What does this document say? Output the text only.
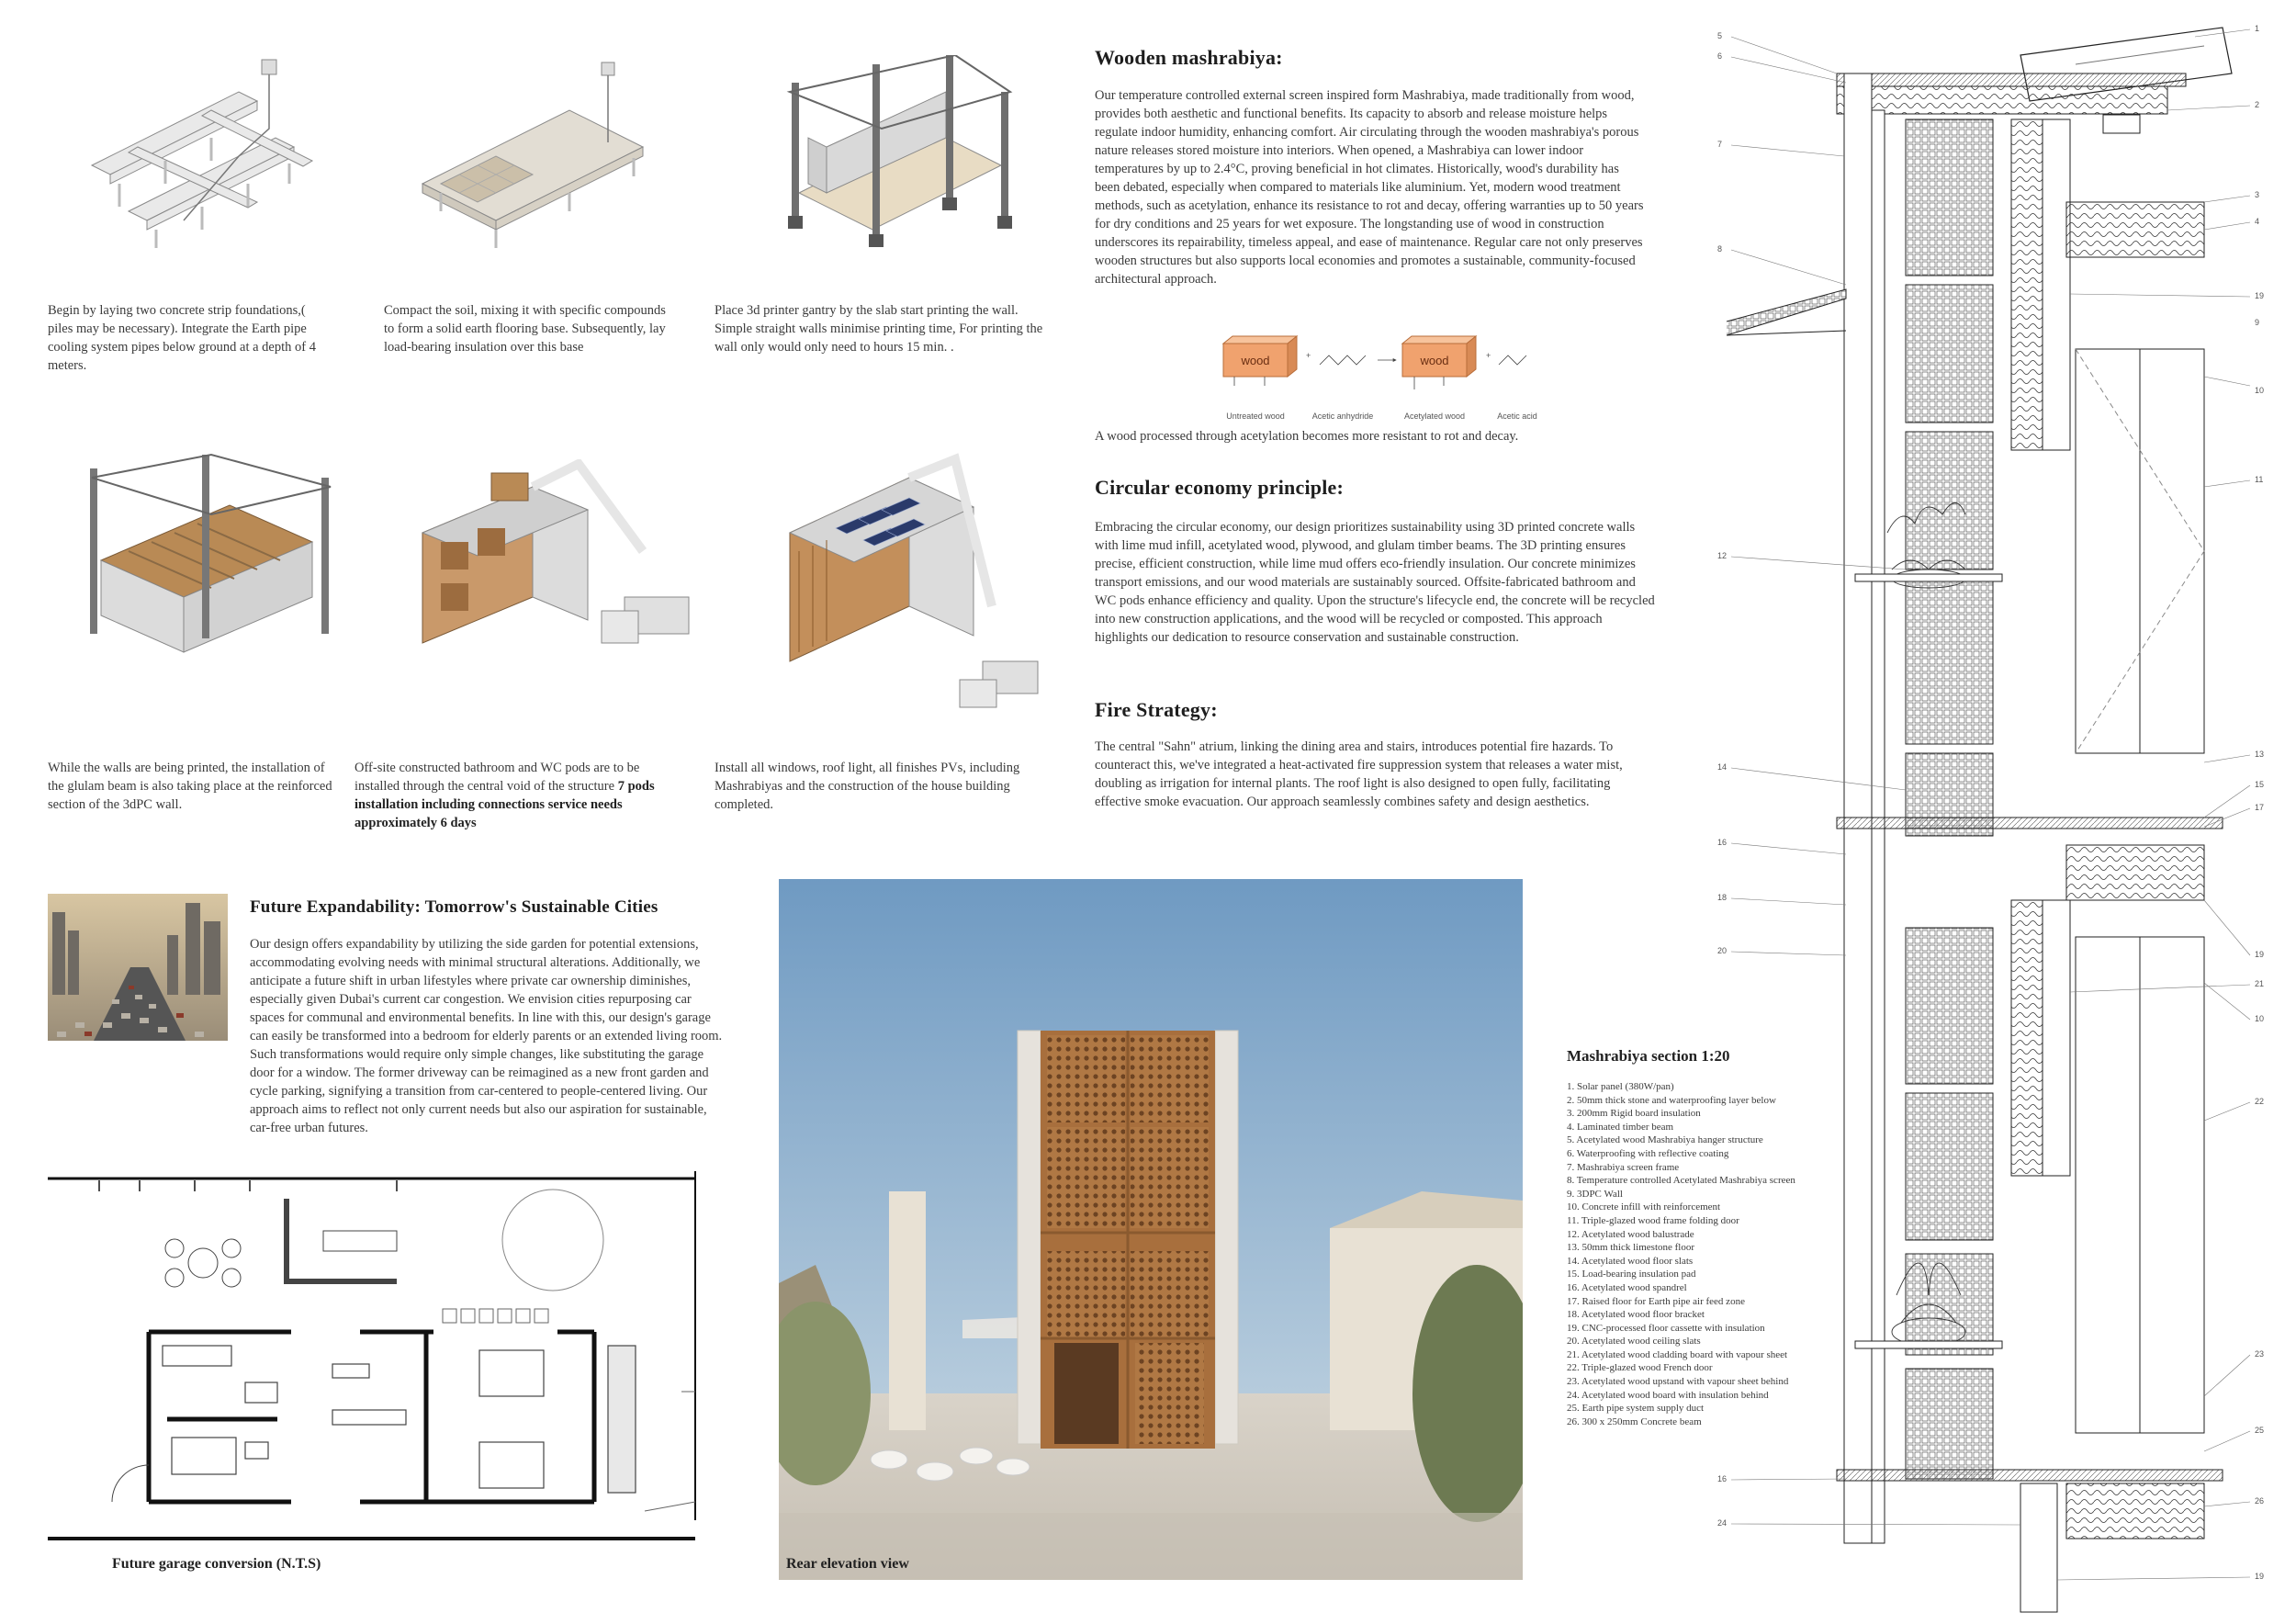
Begin by laying two concrete strip foundations,( piles may be necessary). Integrate the Earth pipe cooling system pipes below ground at a depth of 4 meters.
Compact the soil, mixing it with specific compounds to form a solid earth flooring base. Subsequently, lay load-bearing insulation over this base
Place 3d printer gantry by the slab start printing the wall. Simple straight walls minimise printing time, For printing the wall only would only need to hours 15 min. .
While the walls are being printed, the installation of the glulam beam is also taking place at the reinforced section of the 3dPC wall.
Off-site constructed bathroom and WC pods are to be installed through the central void of the structure 7 pods installation including connections service needs approximately 6 days
Install all windows, roof light, all finishes PVs, including Mashrabiyas and the construction of the house building completed.
Wooden mashrabiya:
Our temperature controlled external screen inspired form Mashrabiya, made traditionally from wood, provides both aesthetic and functional benefits. Its capacity to absorb and release moisture helps regulate indoor humidity, enhancing comfort. Air circulating through the wooden mashrabiya's porous nature releases stored moisture into interiors. When opened, a Mashrabiya can lower indoor temperatures by up to 2.4°C, proving beneficial in hot climates. Historically, wood's durability has been debated, especially when compared to materials like aluminium. Yet, modern wood treatment methods, such as acetylation, enhance its resistance to rot and decay, offering warranties up to 50 years for dry conditions and 25 years for wet exposure. The longstanding use of wood in construction underscores its repairability, timeless appeal, and ease of maintenance. Regular care not only preserves wooden structures but also supports local economies and promotes a sustainable, community-focused architectural approach.
wood	+	wood	+
Untreated wood	Acetic anhydride	Acetylated wood	Acetic acid
A wood processed through acetylation becomes more resistant to rot and decay.
Circular economy principle:
Embracing the circular economy, our design prioritizes sustainability using 3D printed concrete walls with lime mud infill, acetylated wood, plywood, and glulam timber beams. The 3D printing ensures precise, efficient construction, while lime mud offers eco-friendly insulation. Our concrete minimizes transport emissions, and our wood materials are sustainably sourced. Offsite-fabricated bathroom and WC pods enhance efficiency and quality. Upon the structure's lifecycle end, the concrete will be recycled into new construction applications, and the wood will be recycled or composted. This approach highlights our dedication to resource conservation and sustainable construction.
Fire Strategy:
The central "Sahn" atrium, linking the dining area and stairs, introduces potential fire hazards. To counteract this, we've integrated a heat-activated fire suppression system that releases a water mist, doubling as irrigation for internal plants. The roof light is also designed to open fully, facilitating effective smoke evacuation. Our approach seamlessly combines safety and design aesthetics.
Future Expandability: Tomorrow's Sustainable Cities
Our design offers expandability by utilizing the side garden for potential extensions, accommodating evolving needs with minimal structural alterations. Additionally, we anticipate a future shift in urban lifestyles where private car ownership diminishes, especially given Dubai's current car congestion. We envision cities repurposing car spaces for communal and environmental benefits. In line with this, our design's garage can easily be transformed into a bedroom for elderly parents or an extended living room. Such transformations would require only simple changes, like substituting the garage door for a window. The former driveway can be reimagined as a new front garden and cycle parking, signifying a transition from car-centered to people-centered living. Our approach aims to reflect not only current needs but also our aspiration for sustainable, car-free urban futures.
Future garage conversion (N.T.S)	Rear elevation view
Mashrabiya section 1:20
1. Solar panel (380W/pan)
2. 50mm thick stone and waterproofing layer below
3. 200mm Rigid board insulation
4. Laminated timber beam
5. Acetylated wood Mashrabiya hanger structure
6. Waterproofing with reflective coating
7. Mashrabiya screen frame
8. Temperature controlled Acetylated Mashrabiya screen
9. 3DPC Wall
10. Concrete infill with reinforcement
11. Triple-glazed wood frame folding door
12. Acetylated wood balustrade
13. 50mm thick limestone floor
14. Acetylated wood floor slats
15. Load-bearing insulation pad
16. Acetylated wood spandrel
17. Raised floor for Earth pipe air feed zone
18. Acetylated wood floor bracket
19. CNC-processed floor cassette with insulation
20. Acetylated wood ceiling slats
21. Acetylated wood cladding board with vapour sheet
22. Triple-glazed wood French door
23. Acetylated wood upstand with vapour sheet behind
24. Acetylated wood board with insulation behind
25. Earth pipe system supply duct
26. 300 x 250mm Concrete beam
5
6
7
8
12
14
16
18
20
16
24
1
2
3
4
19
9
10
11
13
15
17
19
21
10
22
23
25
26
19
